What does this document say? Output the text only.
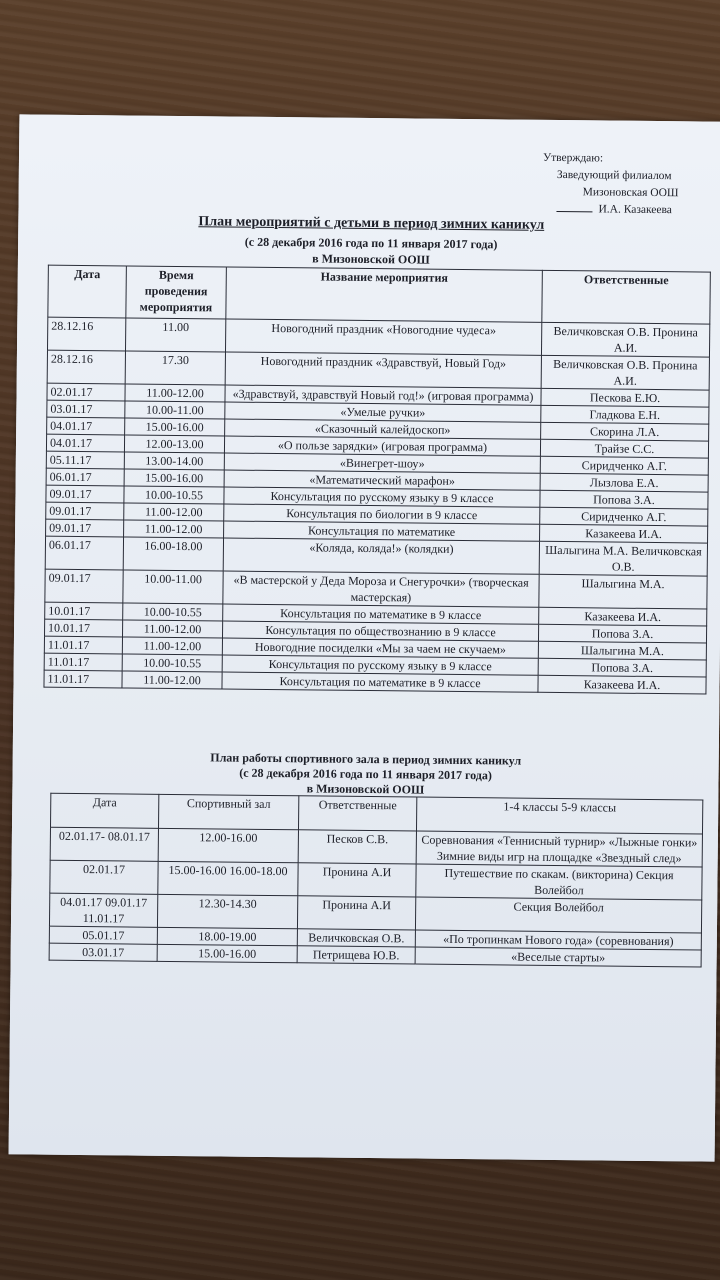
Утверждаю:
Заведующий филиалом
Мизоновская ООШ
И.А. Казакеева
План мероприятий с детьми в период зимних каникул
(с 28 декабря 2016 года по 11 января 2017 года)
в Мизоновской ООШ
Дата	Время проведения мероприятия	Название мероприятия	Ответственные
28.12.16	11.00	Новогодний праздник «Новогодние чудеса»	Величковская О.В. Пронина А.И.
28.12.16	17.30	Новогодний праздник «Здравствуй, Новый Год»	Величковская О.В. Пронина А.И.
02.01.17	11.00-12.00	«Здравствуй, здравствуй Новый год!» (игровая программа)	Пескова Е.Ю.
03.01.17	10.00-11.00	«Умелые ручки»	Гладкова Е.Н.
04.01.17	15.00-16.00	«Сказочный калейдоскоп»	Скорина Л.А.
04.01.17	12.00-13.00	«О пользе зарядки» (игровая программа)	Трайзе С.С.
05.11.17	13.00-14.00	«Винегрет-шоу»	Сиридченко А.Г.
06.01.17	15.00-16.00	«Математический марафон»	Лызлова Е.А.
09.01.17	10.00-10.55	Консультация по русскому языку в 9 классе	Попова З.А.
09.01.17	11.00-12.00	Консультация по биологии в 9 классе	Сиридченко А.Г.
09.01.17	11.00-12.00	Консультация по математике	Казакеева И.А.
06.01.17	16.00-18.00	«Коляда, коляда!» (колядки)	Шалыгина М.А. Величковская О.В.
09.01.17	10.00-11.00	«В мастерской у Деда Мороза и Снегурочки» (творческая мастерская)	Шалыгина М.А.
10.01.17	10.00-10.55	Консультация по математике в 9 классе	Казакеева И.А.
10.01.17	11.00-12.00	Консультация по обществознанию в 9 классе	Попова З.А.
11.01.17	11.00-12.00	Новогодние посиделки «Мы за чаем не скучаем»	Шалыгина М.А.
11.01.17	10.00-10.55	Консультация по русскому языку в 9 классе	Попова З.А.
11.01.17	11.00-12.00	Консультация по математике в 9 классе	Казакеева И.А.
План работы спортивного зала в период зимних каникул
(с 28 декабря 2016 года по 11 января 2017 года)
в Мизоновской ООШ
Дата	Спортивный зал	Ответственные	1-4 классы 5-9 классы
02.01.17- 08.01.17	12.00-16.00	Песков С.В.	Соревнования «Теннисный турнир» «Лыжные гонки» Зимние виды игр на площадке «Звездный след»
02.01.17	15.00-16.00 16.00-18.00	Пронина А.И	Путешествие по скакам. (викторина) Секция Волейбол
04.01.17 09.01.17 11.01.17	12.30-14.30	Пронина А.И	Секция Волейбол
05.01.17	18.00-19.00	Величковская О.В.	«По тропинкам Нового года» (соревнования)
03.01.17	15.00-16.00	Петрищева Ю.В.	«Веселые старты»
